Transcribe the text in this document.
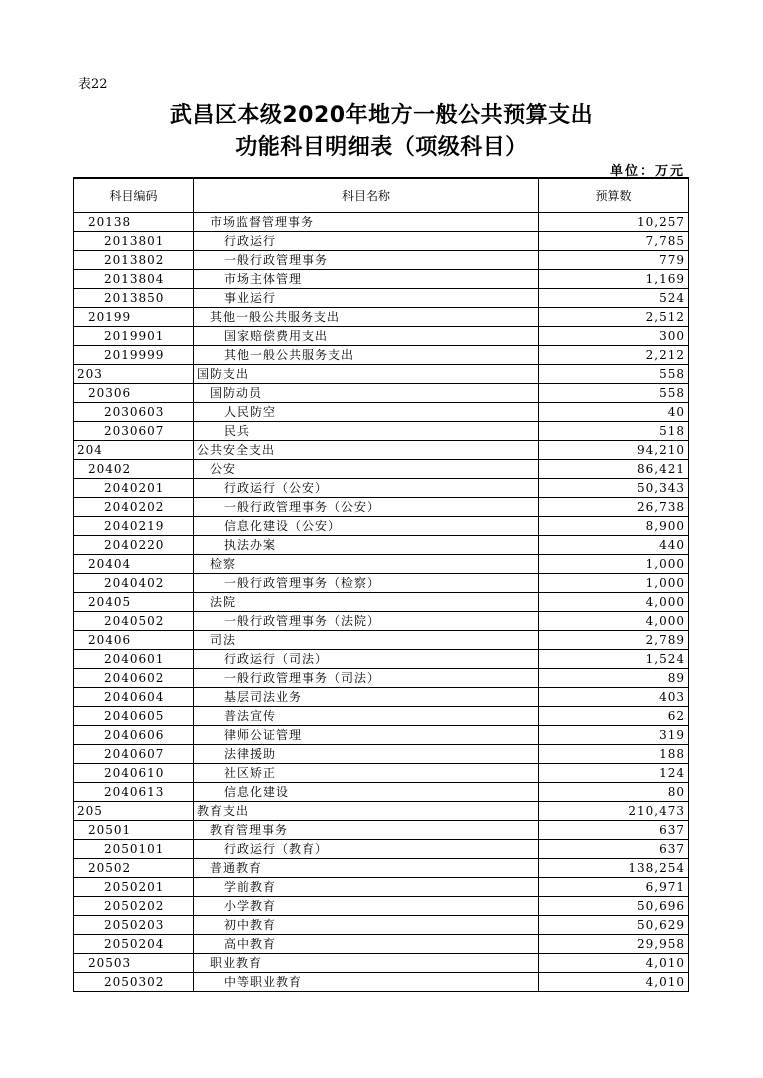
表22
武昌区本级2020年地方一般公共预算支出
功能科目明细表（项级科目）
单位：万元
科目编码	科目名称	预算数
20138	市场监督管理事务	10,257
2013801	行政运行	7,785
2013802	一般行政管理事务	779
2013804	市场主体管理	1,169
2013850	事业运行	524
20199	其他一般公共服务支出	2,512
2019901	国家赔偿费用支出	300
2019999	其他一般公共服务支出	2,212
203	国防支出	558
20306	国防动员	558
2030603	人民防空	40
2030607	民兵	518
204	公共安全支出	94,210
20402	公安	86,421
2040201	行政运行（公安）	50,343
2040202	一般行政管理事务（公安）	26,738
2040219	信息化建设（公安）	8,900
2040220	执法办案	440
20404	检察	1,000
2040402	一般行政管理事务（检察）	1,000
20405	法院	4,000
2040502	一般行政管理事务（法院）	4,000
20406	司法	2,789
2040601	行政运行（司法）	1,524
2040602	一般行政管理事务（司法）	89
2040604	基层司法业务	403
2040605	普法宣传	62
2040606	律师公证管理	319
2040607	法律援助	188
2040610	社区矫正	124
2040613	信息化建设	80
205	教育支出	210,473
20501	教育管理事务	637
2050101	行政运行（教育）	637
20502	普通教育	138,254
2050201	学前教育	6,971
2050202	小学教育	50,696
2050203	初中教育	50,629
2050204	高中教育	29,958
20503	职业教育	4,010
2050302	中等职业教育	4,010
